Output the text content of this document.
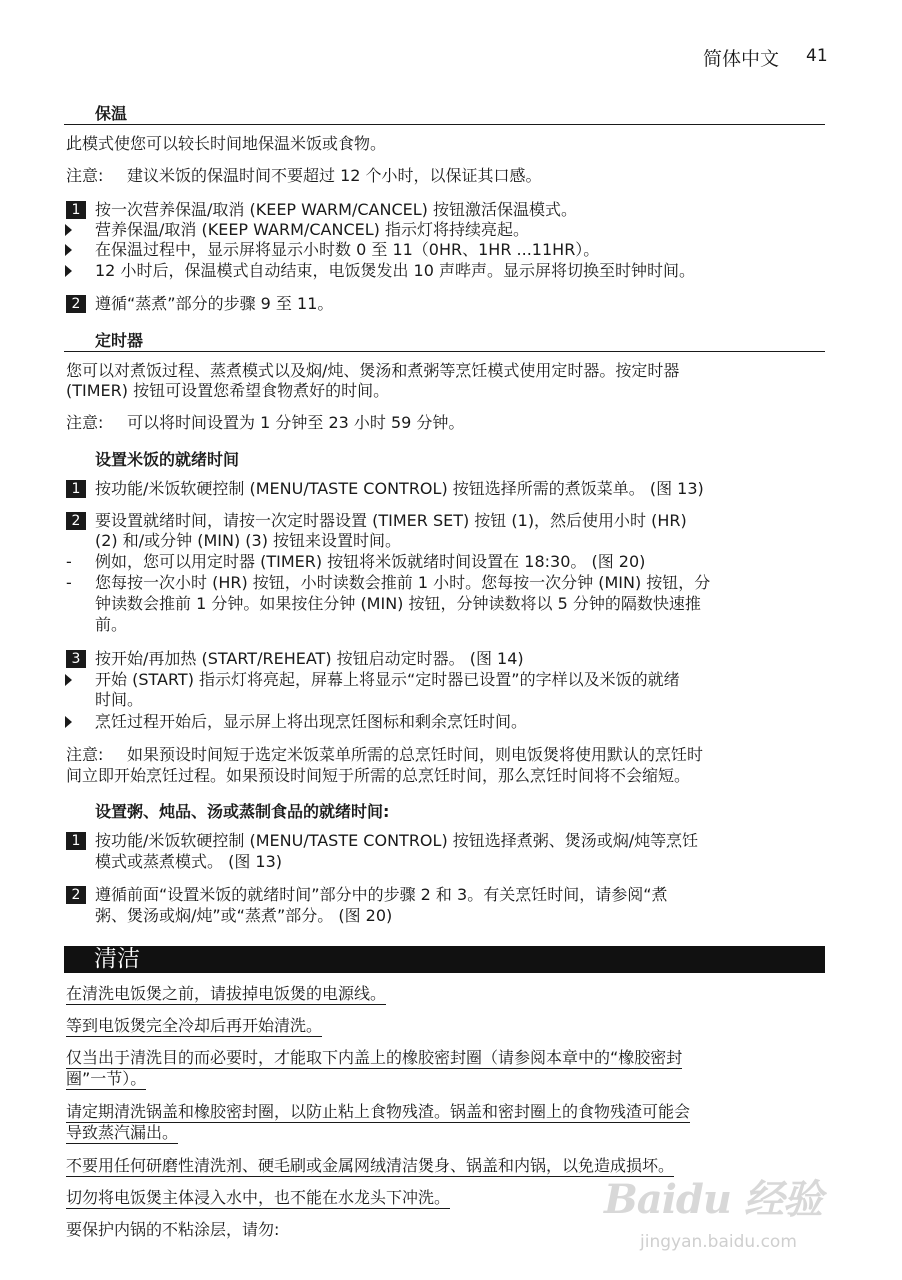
简体中文 41
保温
此模式使您可以较长时间地保温米饭或食物。
注意: 建议米饭的保温时间不要超过 12 个小时，以保证其口感。
1 按一次营养保温/取消 (KEEP WARM/CANCEL) 按钮激活保温模式。
营养保温/取消 (KEEP WARM/CANCEL) 指示灯将持续亮起。
在保温过程中，显示屏将显示小时数 0 至 11（0HR、1HR ...11HR）。
12 小时后，保温模式自动结束，电饭煲发出 10 声哔声。显示屏将切换至时钟时间。
2 遵循“蒸煮”部分的步骤 9 至 11。
定时器
您可以对煮饭过程、蒸煮模式以及焖/炖、煲汤和煮粥等烹饪模式使用定时器。按定时器
(TIMER) 按钮可设置您希望食物煮好的时间。
注意: 可以将时间设置为 1 分钟至 23 小时 59 分钟。
设置米饭的就绪时间
1 按功能/米饭软硬控制 (MENU/TASTE CONTROL) 按钮选择所需的煮饭菜单。 (图 13)
2 要设置就绪时间，请按一次定时器设置 (TIMER SET) 按钮 (1)，然后使用小时 (HR)
(2) 和/或分钟 (MIN) (3) 按钮来设置时间。
- 例如，您可以用定时器 (TIMER) 按钮将米饭就绪时间设置在 18:30。 (图 20)
- 您每按一次小时 (HR) 按钮，小时读数会推前 1 小时。您每按一次分钟 (MIN) 按钮，分
钟读数会推前 1 分钟。如果按住分钟 (MIN) 按钮，分钟读数将以 5 分钟的隔数快速推
前。
3 按开始/再加热 (START/REHEAT) 按钮启动定时器。 (图 14)
开始 (START) 指示灯将亮起，屏幕上将显示“定时器已设置”的字样以及米饭的就绪
时间。
烹饪过程开始后，显示屏上将出现烹饪图标和剩余烹饪时间。
注意: 如果预设时间短于选定米饭菜单所需的总烹饪时间，则电饭煲将使用默认的烹饪时
间立即开始烹饪过程。如果预设时间短于所需的总烹饪时间，那么烹饪时间将不会缩短。
设置粥、炖品、汤或蒸制食品的就绪时间:
1 按功能/米饭软硬控制 (MENU/TASTE CONTROL) 按钮选择煮粥、煲汤或焖/炖等烹饪
模式或蒸煮模式。 (图 13)
2 遵循前面“设置米饭的就绪时间”部分中的步骤 2 和 3。有关烹饪时间，请参阅“煮
粥、煲汤或焖/炖”或“蒸煮”部分。 (图 20)
清洁
在清洗电饭煲之前，请拔掉电饭煲的电源线。
等到电饭煲完全冷却后再开始清洗。
仅当出于清洗目的而必要时，才能取下内盖上的橡胶密封圈（请参阅本章中的“橡胶密封
圈”一节）。
请定期清洗锅盖和橡胶密封圈，以防止粘上食物残渣。锅盖和密封圈上的食物残渣可能会
导致蒸汽漏出。
不要用任何研磨性清洗剂、硬毛刷或金属网绒清洁煲身、锅盖和内锅，以免造成损坏。
切勿将电饭煲主体浸入水中，也不能在水龙头下冲洗。
要保护内锅的不粘涂层，请勿:
Baidu 经验
jingyan.baidu.com
